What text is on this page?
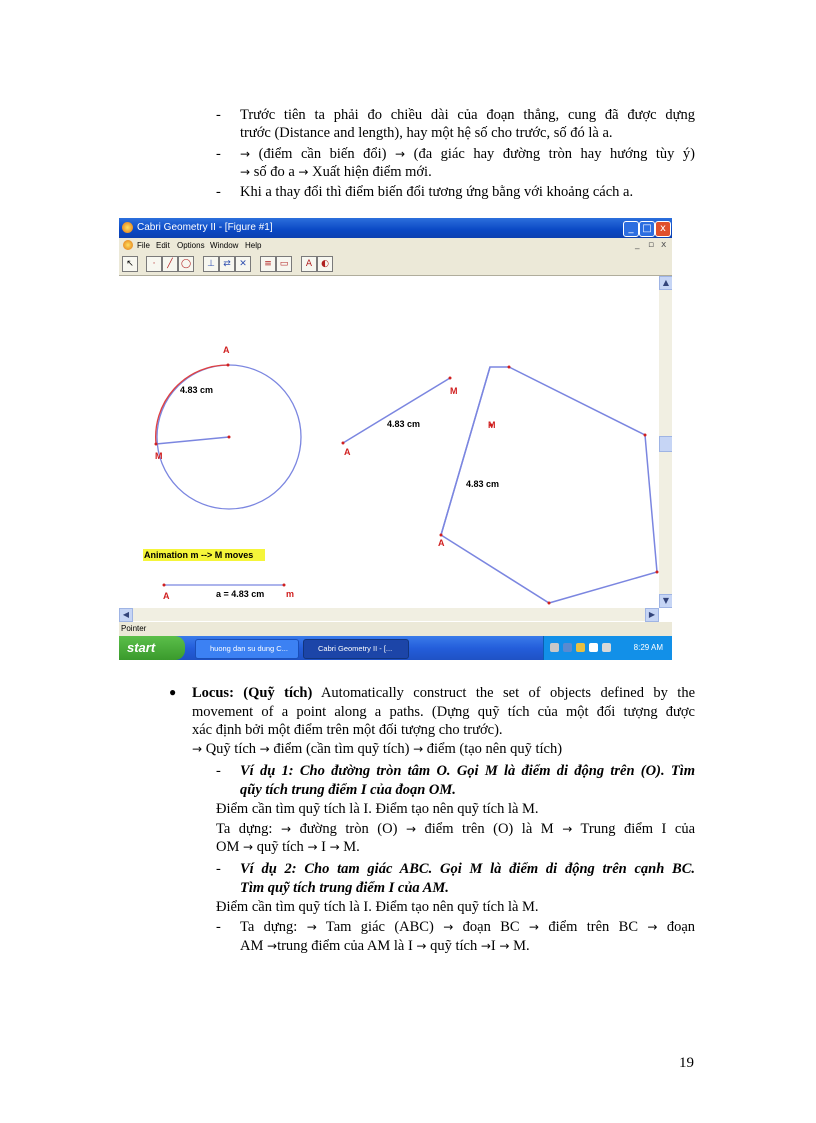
- Trước tiên ta phải đo chiều dài của đoạn thẳng, cung đã được dựng
trước (Distance and length), hay một hệ số cho trước, số đó là a.
- → (điểm cần biến đổi) → (đa giác hay đường tròn hay hướng tùy ý)
→ số đo a → Xuất hiện điểm mới.
- Khi a thay đổi thì điểm biến đổi tương ứng bằng với khoảng cách a.
Cabri Geometry II - [Figure #1]	_ □ x
File Edit Options Window Help	_ ▫ x
↖	·	╱ ◯	⊥ ⇄ ✕	≡ ▭	A ◐
A
M
4.83 cm
A
M
4.83 cm
A
M
4.83 cm
Animation m --> M moves
A	a = 4.83 cm m
▲
▼
◀	▶
Pointer
start	huong dan su dung C...	Cabri Geometry II - [...	8:29 AM
● Locus: (Quỹ tích) Automatically construct the set of objects defined by the
movement of a point along a paths. (Dựng quỹ tích của một đối tượng được
xác định bởi một điểm trên một đối tượng cho trước).
→ Quỹ tích → điểm (cần tìm quỹ tích) → điểm (tạo nên quỹ tích)
- Ví dụ 1: Cho đường tròn tâm O. Gọi M là điểm di động trên (O). Tìm
qũy tích trung điểm I của đoạn OM.
Điểm cần tìm quỹ tích là I. Điểm tạo nên quỹ tích là M.
Ta dựng: → đường tròn (O) → điểm trên (O) là M → Trung điểm I của
OM → quỹ tích → I → M.
- Ví dụ 2: Cho tam giác ABC. Gọi M là điểm di động trên cạnh BC.
Tìm quỹ tích trung điểm I của AM.
Điểm cần tìm quỹ tích là I. Điểm tạo nên quỹ tích là M.
- Ta dựng: → Tam giác (ABC) → đoạn BC → điểm trên BC → đoạn
AM →trung điểm của AM là I → quỹ tích →I → M.
19
